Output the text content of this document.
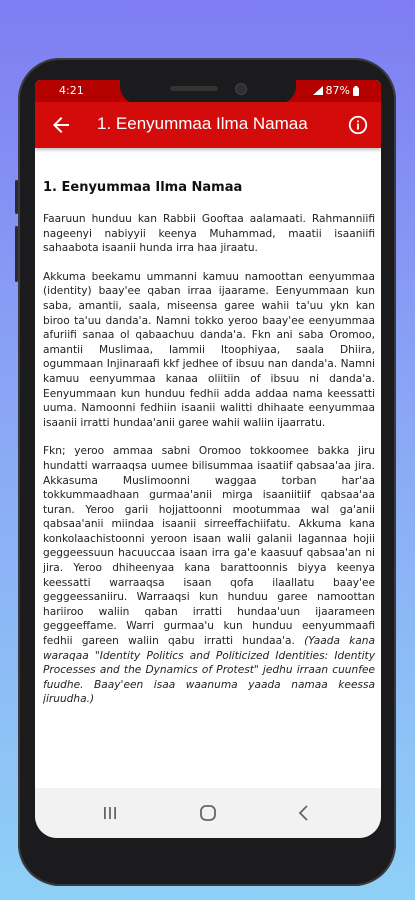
4:21	87%
1. Eenyummaa Ilma Namaa
1. Eenyummaa Ilma Namaa

Faaruun hunduu kan Rabbii Gooftaa aalamaati. Rahmanniifi nageenyi nabiyyii keenya Muhammad, maatii isaaniifi sahaabota isaanii hunda irra haa jiraatu.

Akkuma beekamu ummanni kamuu namoottan eenyummaa (identity) baay'ee qaban irraa ijaarame. Eenyummaan kun saba, amantii, saala, miseensa garee wahii ta'uu ykn kan biroo ta'uu danda'a. Namni tokko yeroo baay'ee eenyummaa afuriifi sanaa ol qabaachuu danda'a. Fkn ani saba Oromoo, amantii Muslimaa, lammii Itoophiyaa, saala Dhiira, ogummaan Injinaraafi kkf jedhee of ibsuu nan danda'a. Namni kamuu eenyummaa kanaa oliitiin of ibsuu ni danda'a. Eenyummaan kun hunduu fedhii adda addaa nama keessatti uuma. Namoonni fedhiin isaanii walitti dhihaate eenyummaa isaanii irratti hundaa'anii garee wahii waliin ijaarratu.

Fkn; yeroo ammaa sabni Oromoo tokkoomee bakka jiru hundatti warraaqsa uumee bilisummaa isaatiif qabsaa'aa jira. Akkasuma Muslimoonni waggaa torban har'aa tokkummaadhaan gurmaa'anii mirga isaaniitiif qabsaa'aa turan. Yeroo garii hojjattoonni mootummaa wal ga'anii qabsaa'anii miindaa isaanii sirreeffachiifatu. Akkuma kana konkolaachistoonni yeroon isaan walii galanii lagannaa hojii geggeessuun hacuuccaa isaan irra ga'e kaasuuf qabsaa'an ni jira. Yeroo dhiheenyaa kana barattoonnis biyya keenya keessatti warraaqsa isaan qofa ilaallatu baay'ee geggeessaniiru. Warraaqsi kun hunduu garee namoottan hariiroo waliin qaban irratti hundaa'uun ijaarameen geggeeffame. Warri gurmaa'u kun hunduu eenyummaafi fedhii gareen waliin qabu irratti hundaa'a. (Yaada kana waraqaa "Identity Politics and Politicized Identities: Identity Processes and the Dynamics of Protest" jedhu irraan cuunfee fuudhe. Baay'een isaa waanuma yaada namaa keessa jiruudha.)
